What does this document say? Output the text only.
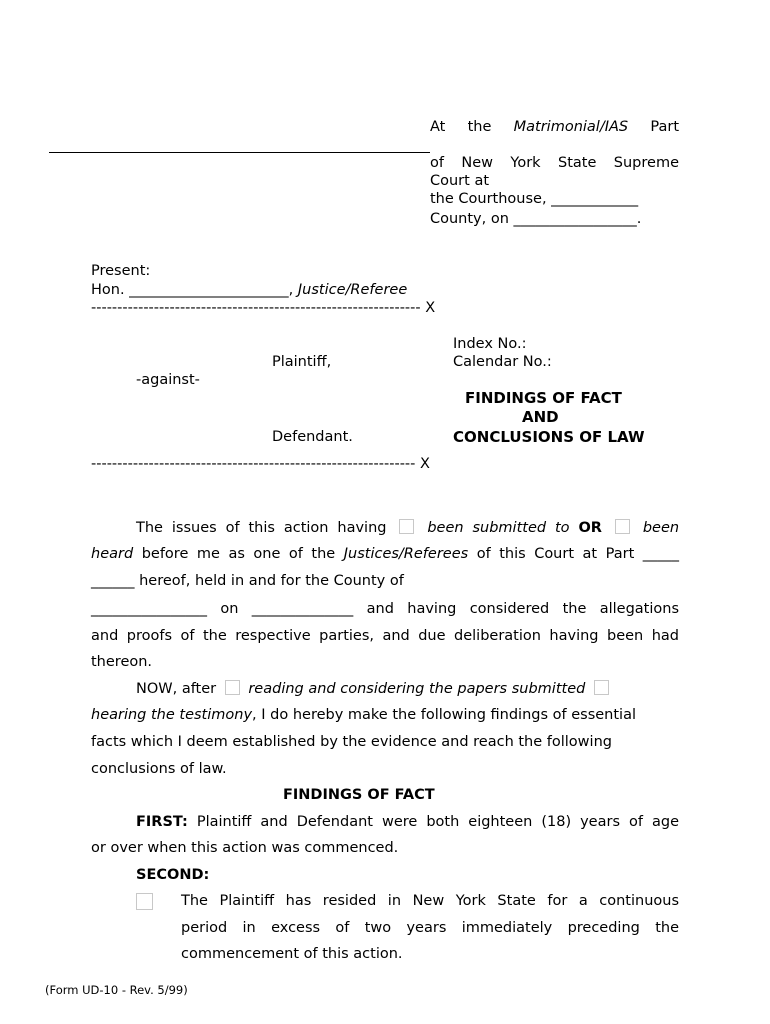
At the Matrimonial/IAS Part
of New York State Supreme
Court at
the Courthouse, ____________
County, on _________________.
Present:
Hon. ______________________, Justice/Referee
--------------------------------------------------------------- X
Index No.:
Plaintiff,	Calendar No.:
-against-
FINDINGS OF FACT
AND
Defendant.	CONCLUSIONS OF LAW
-------------------------------------------------------------- X
The issues of this action having	been submitted to OR	been
heard before me as one of the Justices/Referees of this Court at Part _____
______ hereof, held in and for the County of
________________ on ______________ and having considered the allegations
and proofs of the respective parties, and due deliberation having been had
thereon.
NOW, after reading and considering the papers submitted
hearing the testimony, I do hereby make the following findings of essential
facts which I deem established by the evidence and reach the following
conclusions of law.
FINDINGS OF FACT
FIRST: Plaintiff and Defendant were both eighteen (18) years of age
or over when this action was commenced.
SECOND:
The Plaintiff has resided in New York State for a continuous
period in excess of two years immediately preceding the
commencement of this action.
(Form UD-10 - Rev. 5/99)
